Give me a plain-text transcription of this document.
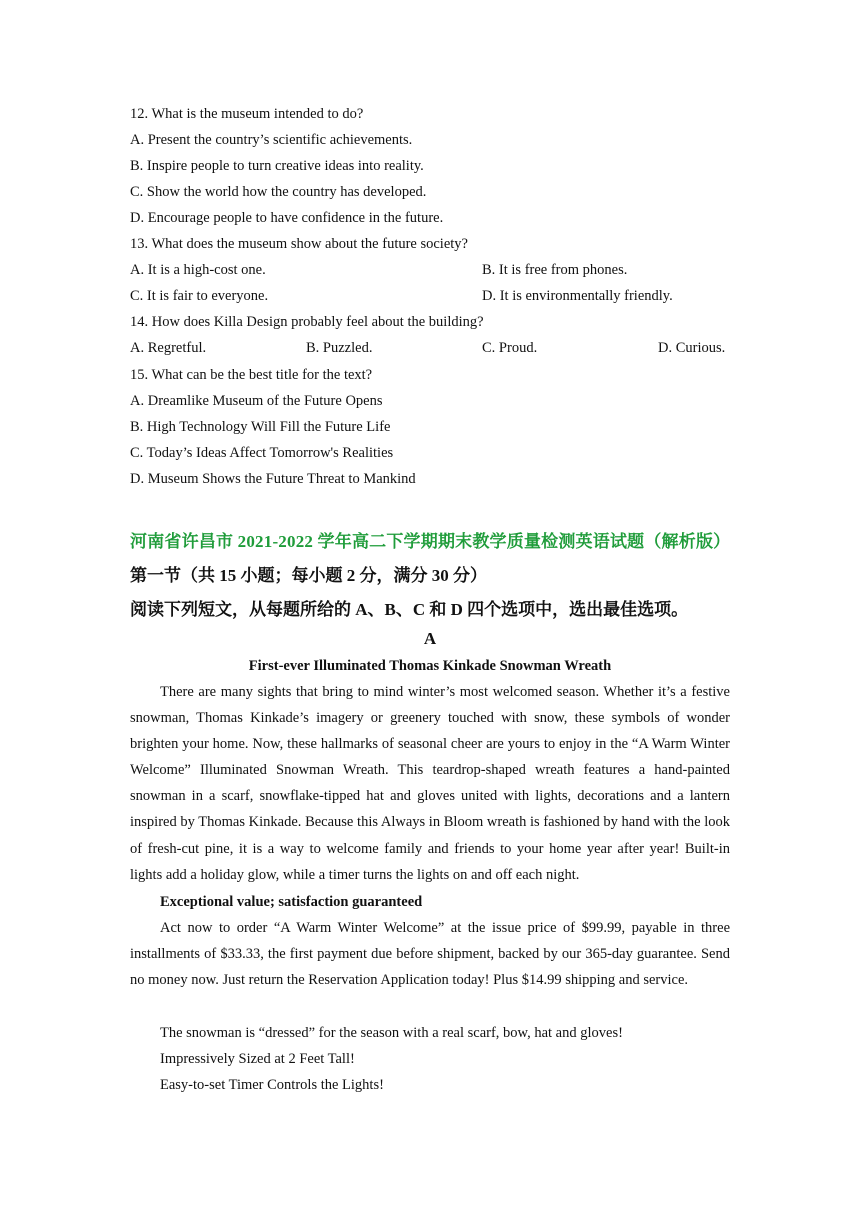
12. What is the museum intended to do?
A. Present the country’s scientific achievements.
B. Inspire people to turn creative ideas into reality.
C. Show the world how the country has developed.
D. Encourage people to have confidence in the future.
13. What does the museum show about the future society?
A. It is a high-cost one.	B. It is free from phones.
C. It is fair to everyone.	D. It is environmentally friendly.
14. How does Killa Design probably feel about the building?
A. Regretful.	B. Puzzled.	C. Proud.	D. Curious.
15. What can be the best title for the text?
A. Dreamlike Museum of the Future Opens
B. High Technology Will Fill the Future Life
C. Today’s Ideas Affect Tomorrow's Realities
D. Museum Shows the Future Threat to Mankind
河南省许昌市 2021-2022 学年高二下学期期末教学质量检测英语试题（解析版）
第一节（共 15 小题；每小题 2 分，满分 30 分）
阅读下列短文，从每题所给的 A、B、C 和 D 四个选项中，选出最佳选项。
A
First-ever Illuminated Thomas Kinkade Snowman Wreath

There are many sights that bring to mind winter’s most welcomed season. Whether it’s a festive snowman, Thomas Kinkade’s imagery or greenery touched with snow, these symbols of wonder brighten your home. Now, these hallmarks of seasonal cheer are yours to enjoy in the “A Warm Winter Welcome” Illuminated Snowman Wreath. This teardrop-shaped wreath features a hand-painted snowman in a scarf, snowflake-tipped hat and gloves united with lights, decorations and a lantern inspired by Thomas Kinkade. Because this Always in Bloom wreath is fashioned by hand with the look of fresh-cut pine, it is a way to welcome family and friends to your home year after year! Built-in lights add a holiday glow, while a timer turns the lights on and off each night.

Exceptional value; satisfaction guaranteed

Act now to order “A Warm Winter Welcome” at the issue price of $99.99, payable in three installments of $33.33, the first payment due before shipment, backed by our 365-day guarantee. Send no money now. Just return the Reservation Application today! Plus $14.99 shipping and service.

The snowman is “dressed” for the season with a real scarf, bow, hat and gloves!
Impressively Sized at 2 Feet Tall!
Easy-to-set Timer Controls the Lights!
